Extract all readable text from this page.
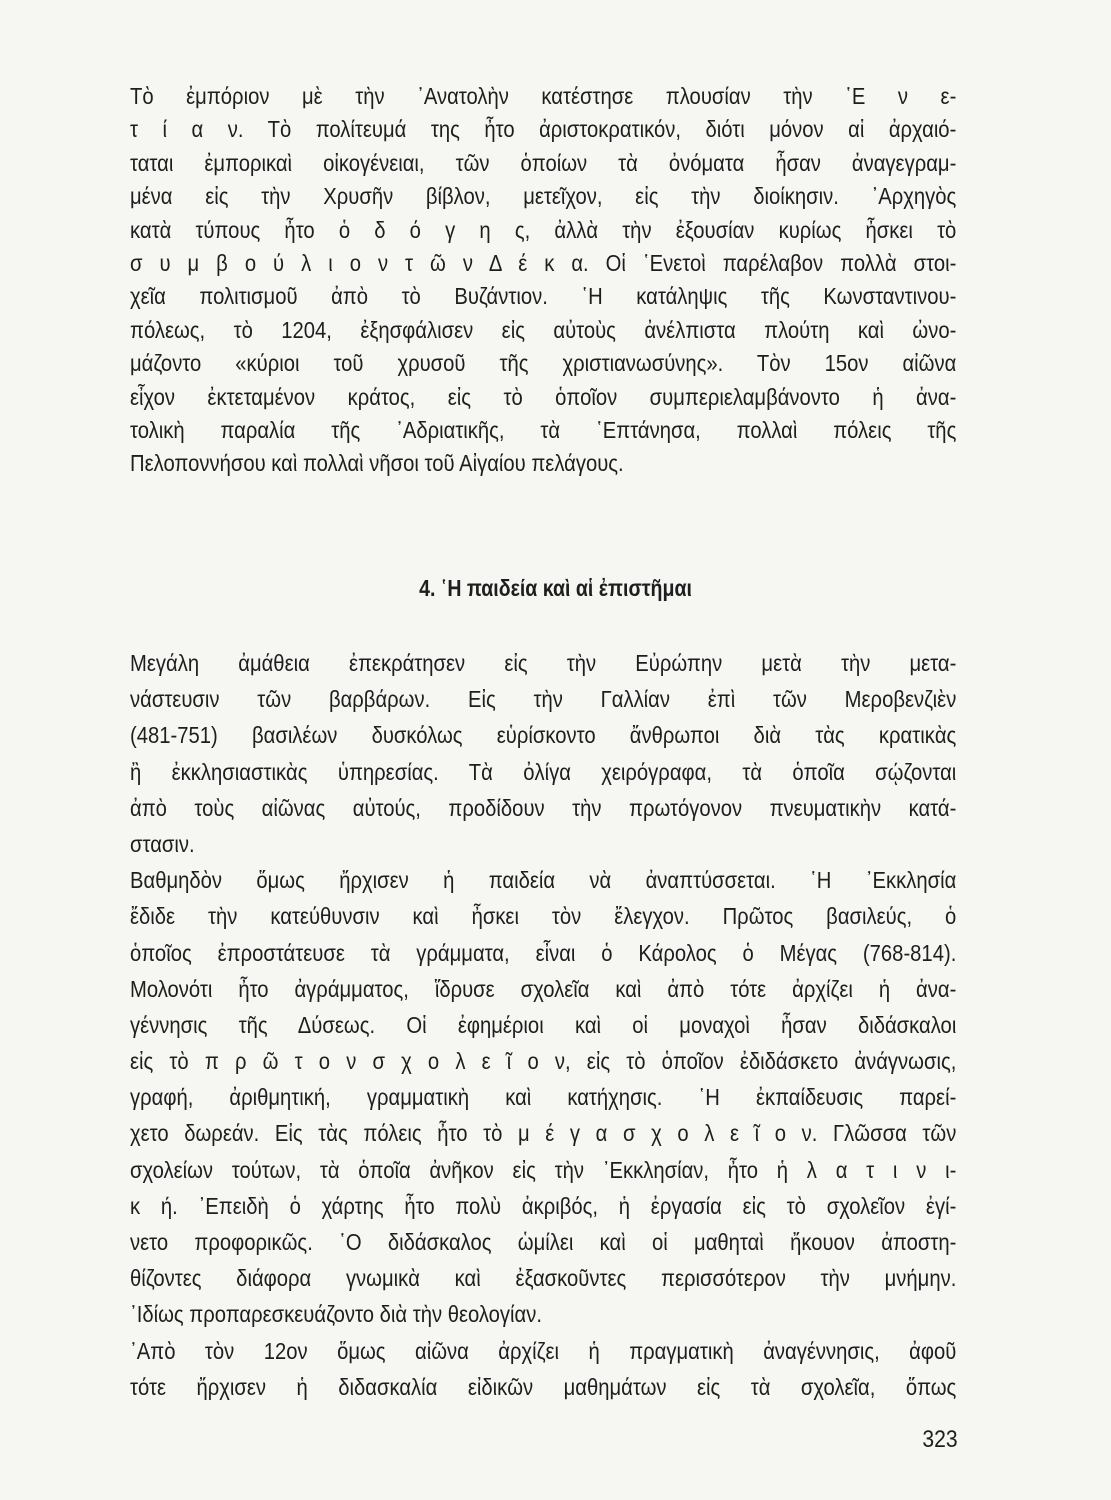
Τὸ ἐμπόριον μὲ τὴν ᾿Ανατολὴν κατέστησε πλουσίαν τὴν ῾Ε ν ε-
τ ί α ν. Τὸ πολίτευμά της ἦτο ἀριστοκρατικόν, διότι μόνον αἱ ἀρχαιό-
ταται ἐμπορικαὶ οἰκογένειαι, τῶν ὁποίων τὰ ὀνόματα ἦσαν ἀναγεγραμ-
μένα εἰς τὴν Χρυσῆν βίβλον, μετεῖχον, εἰς τὴν διοίκησιν. ᾿Αρχηγὸς
κατὰ τύπους ἦτο ὁ δ ό γ η ς, ἀλλὰ τὴν ἐξουσίαν κυρίως ἦσκει τὸ
σ υ μ β ο ύ λ ι ο ν τ ῶ ν Δ έ κ α. Οἱ ῾Ενετοὶ παρέλαβον πολλὰ στοι-
χεῖα πολιτισμοῦ ἀπὸ τὸ Βυζάντιον. ῾Η κατάληψις τῆς Κωνσταντινου-
πόλεως, τὸ 1204, ἐξησφάλισεν εἰς αὐτοὺς ἀνέλπιστα πλούτη καὶ ὠνο-
μάζοντο «κύριοι τοῦ χρυσοῦ τῆς χριστιανωσύνης». Τὸν 15ον αἰῶνα
εἶχον ἐκτεταμένον κράτος, εἰς τὸ ὁποῖον συμπεριελαμβάνοντο ἡ ἀνα-
τολικὴ παραλία τῆς ᾿Αδριατικῆς, τὰ ῾Επτάνησα, πολλαὶ πόλεις τῆς
Πελοποννήσου καὶ πολλαὶ νῆσοι τοῦ Αἰγαίου πελάγους.
4. ῾Η παιδεία καὶ αἱ ἐπιστῆμαι
Μεγάλη ἀμάθεια ἐπεκράτησεν εἰς τὴν Εὐρώπην μετὰ τὴν μετα-
νάστευσιν τῶν βαρβάρων. Εἰς τὴν Γαλλίαν ἐπὶ τῶν Μεροβενζιὲν
(481-751) βασιλέων δυσκόλως εὑρίσκοντο ἄνθρωποι διὰ τὰς κρατικὰς
ἢ ἐκκλησιαστικὰς ὑπηρεσίας. Τὰ ὀλίγα χειρόγραφα, τὰ ὁποῖα σῴζονται
ἀπὸ τοὺς αἰῶνας αὐτούς, προδίδουν τὴν πρωτόγονον πνευματικὴν κατά-
στασιν.
Βαθμηδὸν ὅμως ἤρχισεν ἡ παιδεία νὰ ἀναπτύσσεται. ῾Η ᾿Εκκλησία
ἔδιδε τὴν κατεύθυνσιν καὶ ἦσκει τὸν ἔλεγχον. Πρῶτος βασιλεύς, ὁ
ὁποῖος ἐπροστάτευσε τὰ γράμματα, εἶναι ὁ Κάρολος ὁ Μέγας (768-814).
Μολονότι ἦτο ἀγράμματος, ἵδρυσε σχολεῖα καὶ ἀπὸ τότε ἀρχίζει ἡ ἀνα-
γέννησις τῆς Δύσεως. Οἱ ἐφημέριοι καὶ οἱ μοναχοὶ ἦσαν διδάσκαλοι
εἰς τὸ π ρ ῶ τ ο ν σ χ ο λ ε ῖ ο ν, εἰς τὸ ὁποῖον ἐδιδάσκετο ἀνάγνωσις,
γραφή, ἀριθμητική, γραμματικὴ καὶ κατήχησις. ῾Η ἐκπαίδευσις παρεί-
χετο δωρεάν. Εἰς τὰς πόλεις ἦτο τὸ μ έ γ α σ χ ο λ ε ῖ ο ν. Γλῶσσα τῶν
σχολείων τούτων, τὰ ὁποῖα ἀνῆκον εἰς τὴν ᾿Εκκλησίαν, ἦτο ἡ λ α τ ι ν ι-
κ ή. ᾿Επειδὴ ὁ χάρτης ἦτο πολὺ ἀκριβός, ἡ ἐργασία εἰς τὸ σχολεῖον ἐγί-
νετο προφορικῶς. ῾Ο διδάσκαλος ὡμίλει καὶ οἱ μαθηταὶ ἤκουον ἀποστη-
θίζοντες διάφορα γνωμικὰ καὶ ἐξασκοῦντες περισσότερον τὴν μνήμην.
᾿Ιδίως προπαρεσκευάζοντο διὰ τὴν θεολογίαν.
᾿Απὸ τὸν 12ον ὅμως αἰῶνα ἀρχίζει ἡ πραγματικὴ ἀναγέννησις, ἀφοῦ
τότε ἤρχισεν ἡ διδασκαλία εἰδικῶν μαθημάτων εἰς τὰ σχολεῖα, ὅπως
323
